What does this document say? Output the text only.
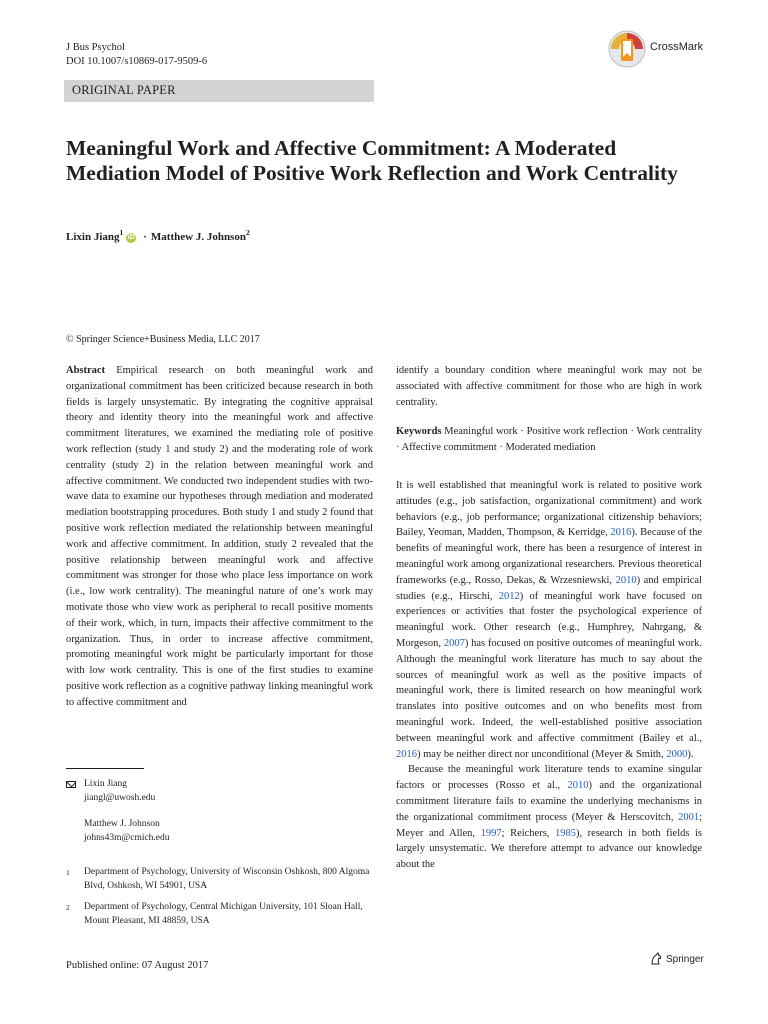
J Bus Psychol
DOI 10.1007/s10869-017-9509-6
CrossMark
ORIGINAL PAPER
Meaningful Work and Affective Commitment: A Moderated Mediation Model of Positive Work Reflection and Work Centrality
Lixin Jiang$^1$
iD · Matthew J. Johnson$^2$
© Springer Science+Business Media, LLC 2017

Abstract Empirical research on both meaningful work and organizational commitment has been criticized because research in both fields is largely unsystematic. By integrating the cognitive appraisal theory and identity theory into the meaningful work and affective commitment literatures, we examined the mediating role of positive work reflection (study 1 and study 2) and the moderating role of work centrality (study 2) in the relation between meaningful work and affective commitment. We conducted two independent studies with two-wave data to examine our hypotheses through mediation and moderated mediation bootstrapping procedures. Both study 1 and study 2 found that positive work reflection mediated the relationship between meaningful work and affective commitment. In addition, study 2 revealed that the positive relationship between meaningful work and affective commitment was stronger for those who place less importance on work (i.e., low work centrality). The meaningful nature of one’s work may motivate those who view work as peripheral to recall positive moments of their work, which, in turn, impacts their affective commitment to the organization. Thus, in order to increase affective commitment, promoting meaningful work might be particularly important for those with low work centrality. This is one of the first studies to examine positive work reflection as a cognitive pathway linking meaningful work to affective commitment and

identify a boundary condition where meaningful work may not be associated with affective commitment for those who are high in work centrality.

Keywords Meaningful work · Positive work reflection · Work centrality · Affective commitment · Moderated mediation

It is well established that meaningful work is related to positive work attitudes (e.g., job satisfaction, organizational commitment) and work behaviors (e.g., job performance; organizational citizenship behaviors; Bailey, Yeoman, Madden, Thompson, & Kerridge, 2016). Because of the benefits of meaningful work, there has been a resurgence of interest in meaningful work among organizational researchers. Previous theoretical frameworks (e.g., Rosso, Dekas, & Wrzesniewski, 2010) and empirical studies (e.g., Hirschi, 2012) of meaningful work have focused on experiences or activities that foster the psychological experience of meaningful work. Other research (e.g., Humphrey, Nahrgang, & Morgeson, 2007) has focused on positive outcomes of meaningful work. Although the meaningful work literature has much to say about the sources of meaningful work as well as the positive impacts of meaningful work, there is limited research on how meaningful work translates into positive outcomes and on who benefits most from meaningful work. Indeed, the well-established positive association between meaningful work and affective commitment (Bailey et al., 2016) may be neither direct nor unconditional (Meyer & Smith, 2000).

Because the meaningful work literature tends to examine singular factors or processes (Rosso et al., 2010) and the organizational commitment literature fails to examine the underlying mechanisms in the organizational commitment process (Meyer & Herscovitch, 2001; Meyer and Allen, 1997; Reichers, 1985), research in both fields is largely unsystematic. We therefore attempt to advance our knowledge about the

Lixin Jiang
jiangl@uwosh.edu
Matthew J. Johnson
johns43m@cmich.edu
1	Department of Psychology, University of Wisconsin Oshkosh, 800 Algoma Blvd, Oshkosh, WI 54901, USA
2	Department of Psychology, Central Michigan University, 101 Sloan Hall, Mount Pleasant, MI 48859, USA
Published online: 07 August 2017
Springer
